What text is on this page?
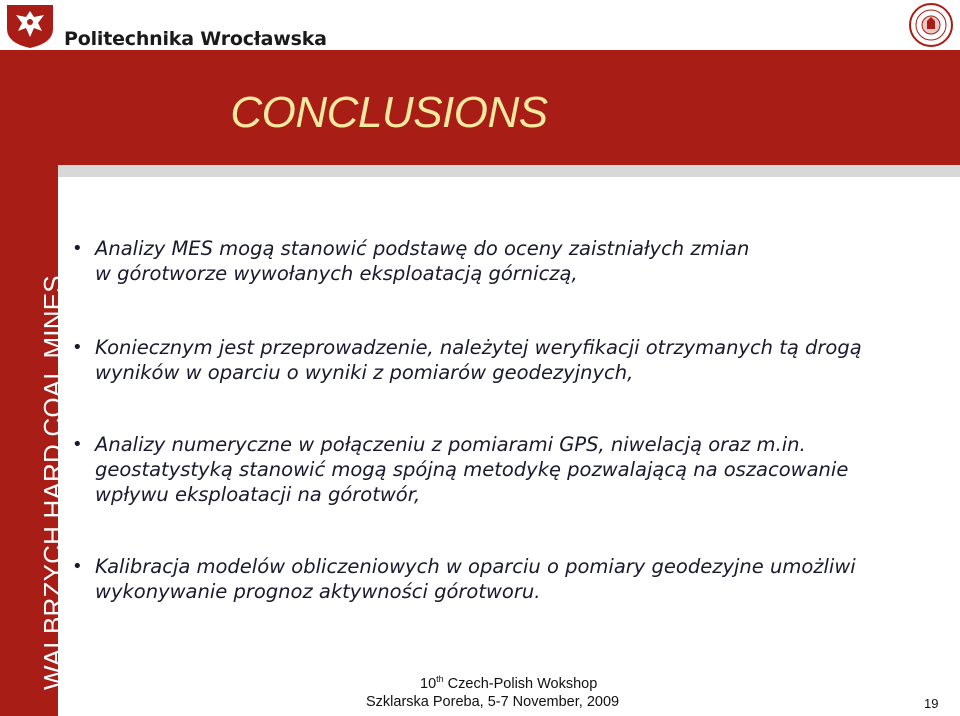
Politechnika Wrocławska
WALBRZYCH HARD COAL MINES
CONCLUSIONS
• Analizy MES mogą stanowić podstawę do oceny zaistniałych zmian
w górotworze wywołanych eksploatacją górniczą,
• Koniecznym jest przeprowadzenie, należytej weryfikacji otrzymanych tą drogą
wyników w oparciu o wyniki z pomiarów geodezyjnych,
• Analizy numeryczne w połączeniu z pomiarami GPS, niwelacją oraz m.in.
geostatystyką stanowić mogą spójną metodykę pozwalającą na oszacowanie
wpływu eksploatacji na górotwór,
• Kalibracja modelów obliczeniowych w oparciu o pomiary geodezyjne umożliwi
wykonywanie prognoz aktywności górotworu.
10th Czech-Polish Wokshop
Szklarska Poreba, 5-7 November, 2009	19
